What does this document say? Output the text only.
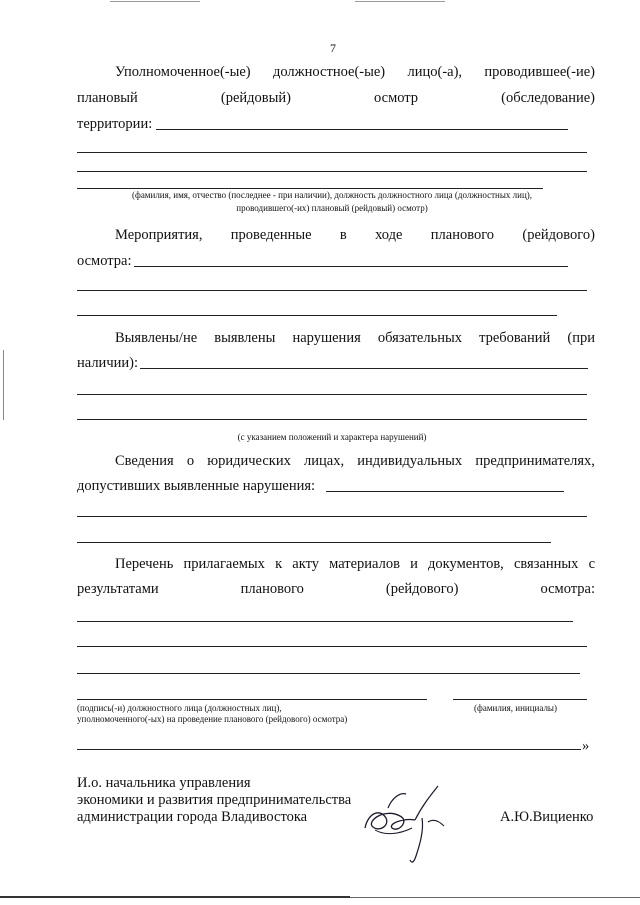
7
Уполномоченное(-ые) должностное(-ые) лицо(-а), проводившее(-ие)
плановый	(рейдовый)	осмотр	(обследование)
территории:
(фамилия, имя, отчество (последнее - при наличии), должность должностного лица (должностных лиц),
проводившего(-их) плановый (рейдовый) осмотр)
Мероприятия, проведенные в ходе планового (рейдового)
осмотра:
Выявлены/не выявлены нарушения обязательных требований (при
наличии):
(с указанием положений и характера нарушений)
Сведения о юридических лицах, индивидуальных предпринимателях,
допустивших выявленные нарушения:
Перечень прилагаемых к акту материалов и документов, связанных с
результатами	планового	(рейдового)	осмотра:
(подпись(-и) должностного лица (должностных лиц),
уполномоченного(-ых) на проведение планового (рейдового) осмотра)
(фамилия, инициалы)
»
И.о. начальника управления
экономики и развития предпринимательства
администрации города Владивостока	А.Ю.Вициенко
